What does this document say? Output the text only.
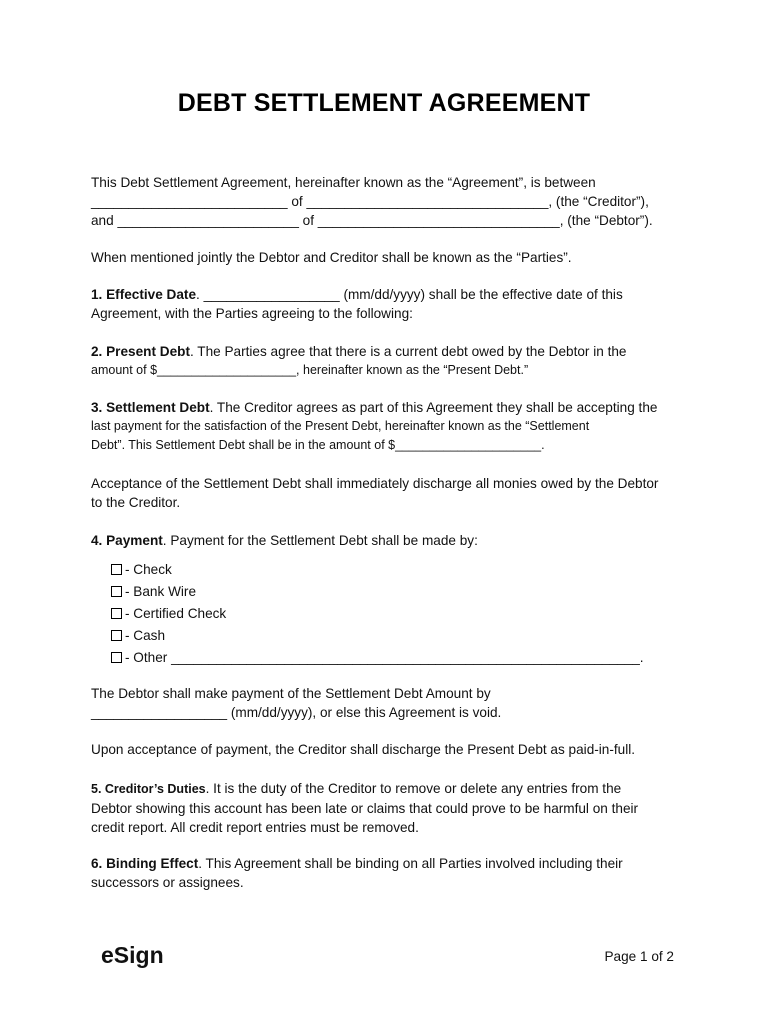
DEBT SETTLEMENT AGREEMENT
This Debt Settlement Agreement, hereinafter known as the “Agreement”, is between
__________________________ of ________________________________, (the “Creditor”),
and ________________________ of ________________________________, (the “Debtor”).
When mentioned jointly the Debtor and Creditor shall be known as the “Parties”.
1. Effective Date. __________________ (mm/dd/yyyy) shall be the effective date of this
Agreement, with the Parties agreeing to the following:
2. Present Debt. The Parties agree that there is a current debt owed by the Debtor in the
amount of $____________________, hereinafter known as the “Present Debt.”
3. Settlement Debt. The Creditor agrees as part of this Agreement they shall be accepting the
last payment for the satisfaction of the Present Debt, hereinafter known as the “Settlement
Debt”. This Settlement Debt shall be in the amount of $_____________________.
Acceptance of the Settlement Debt shall immediately discharge all monies owed by the Debtor
to the Creditor.
4. Payment. Payment for the Settlement Debt shall be made by:
- Check
- Bank Wire
- Certified Check
- Cash
- Other ______________________________________________________________.
The Debtor shall make payment of the Settlement Debt Amount by
__________________ (mm/dd/yyyy), or else this Agreement is void.
Upon acceptance of payment, the Creditor shall discharge the Present Debt as paid-in-full.
5. Creditor’s Duties. It is the duty of the Creditor to remove or delete any entries from the
Debtor showing this account has been late or claims that could prove to be harmful on their
credit report. All credit report entries must be removed.
6. Binding Effect. This Agreement shall be binding on all Parties involved including their
successors or assignees.
eSign	Page 1 of 2
